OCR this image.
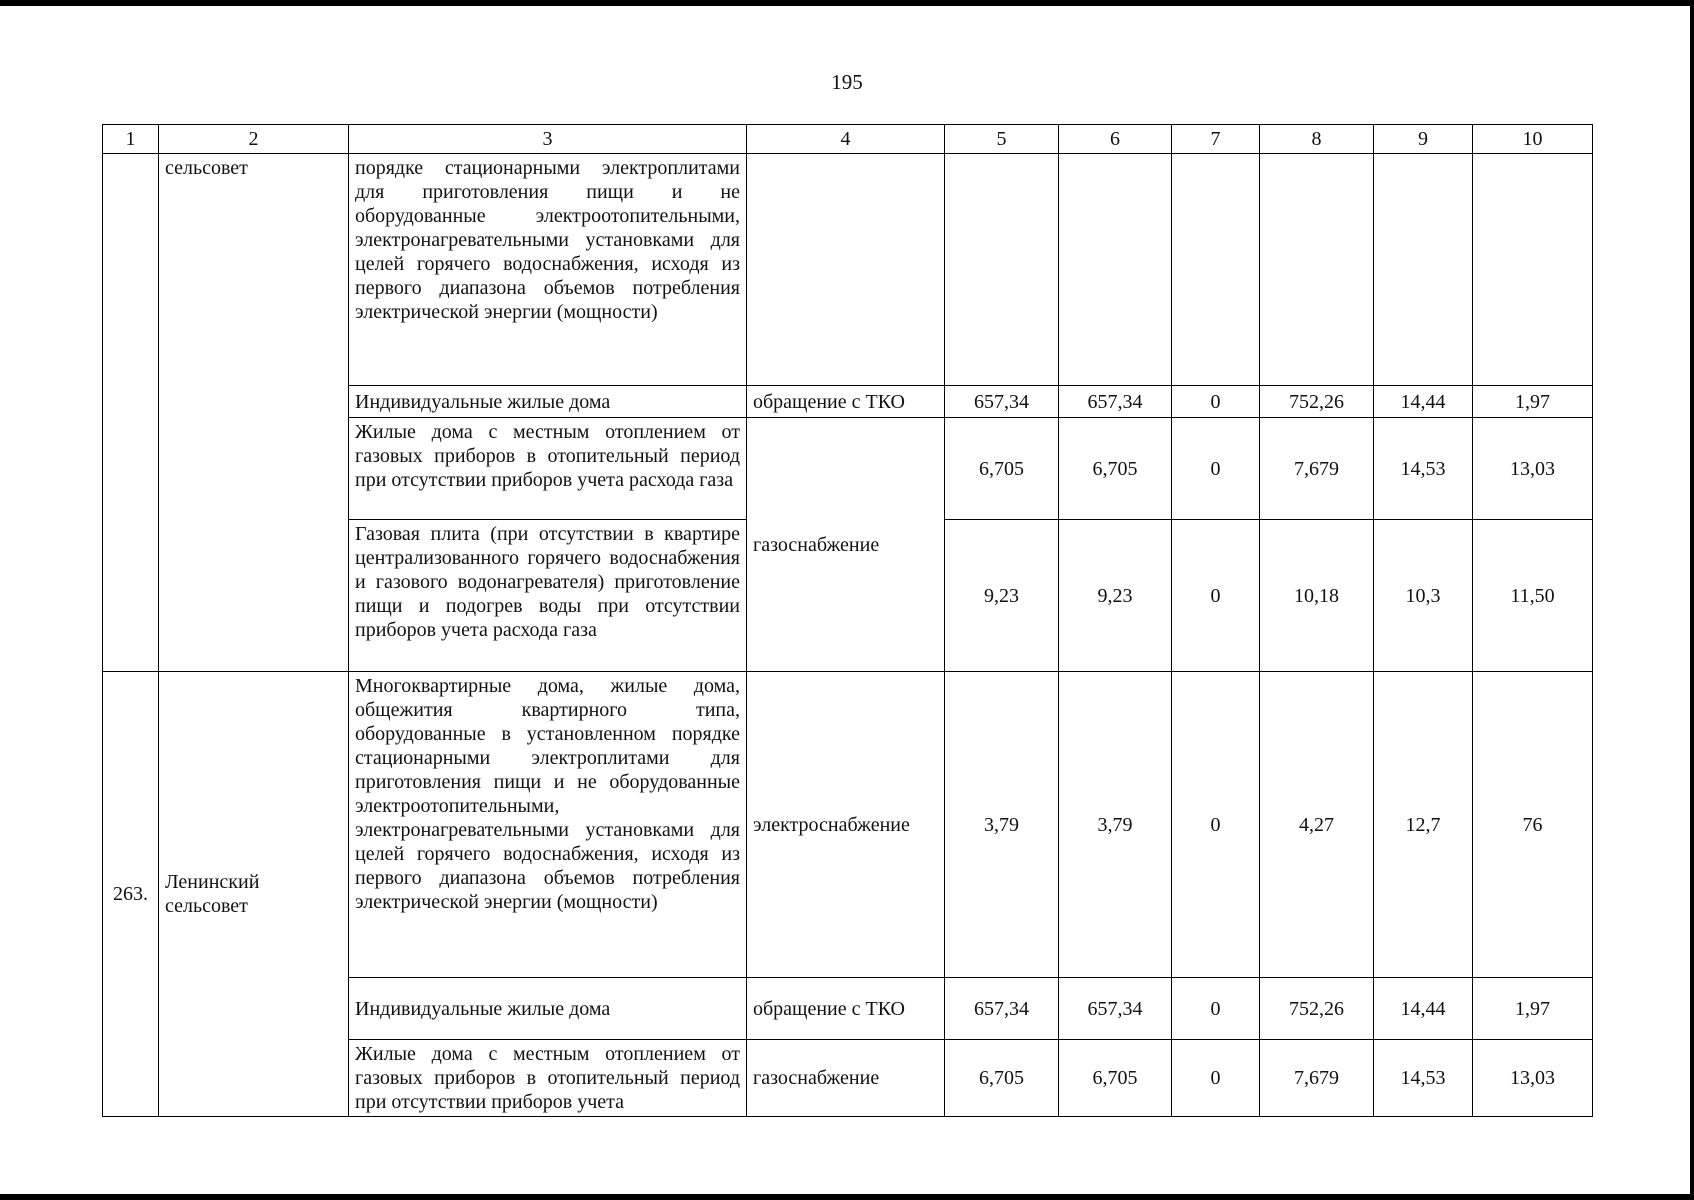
195
1	2	3	4	5	6	7	8	9	10
	сельсовет	порядке стационарными электроплитами для приготовления пищи и не оборудованные электроотопительными, электронагревательными установками для целей горячего водоснабжения, исходя из первого диапазона объемов потребления электрической энергии (мощности)							
		Индивидуальные жилые дома	обращение с ТКО	657,34	657,34	0	752,26	14,44	1,97
		Жилые дома с местным отоплением от газовых приборов в отопительный период при отсутствии приборов учета расхода газа	газоснабжение	6,705	6,705	0	7,679	14,53	13,03
		Газовая плита (при отсутствии в квартире централизованного горячего водоснабжения и газового водонагревателя) приготовление пищи и подогрев воды при отсутствии приборов учета расхода газа		9,23	9,23	0	10,18	10,3	11,50
263.	Ленинский сельсовет	Многоквартирные дома, жилые дома, общежития квартирного типа, оборудованные в установленном порядке стационарными электроплитами для приготовления пищи и не оборудованные электроотопительными, электронагревательными установками для целей горячего водоснабжения, исходя из первого диапазона объемов потребления электрической энергии (мощности)	электроснабжение	3,79	3,79	0	4,27	12,7	76
		Индивидуальные жилые дома	обращение с ТКО	657,34	657,34	0	752,26	14,44	1,97
		Жилые дома с местным отоплением от газовых приборов в отопительный период при отсутствии приборов учета	газоснабжение	6,705	6,705	0	7,679	14,53	13,03
